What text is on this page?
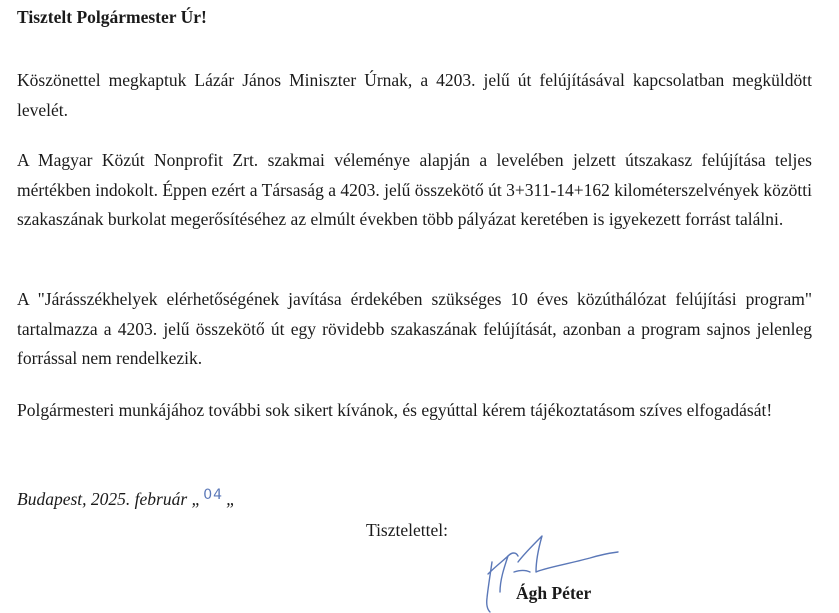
Tisztelt Polgármester Úr!
Köszönettel megkaptuk Lázár János Miniszter Úrnak, a 4203. jelű út felújításával kapcsolatban megküldött levelét.
A Magyar Közút Nonprofit Zrt. szakmai véleménye alapján a levelében jelzett útszakasz felújítása teljes mértékben indokolt. Éppen ezért a Társaság a 4203. jelű összekötő út 3+311-14+162 kilométerszelvények közötti szakaszának burkolat megerősítéséhez az elmúlt években több pályázat keretében is igyekezett forrást találni.
A "Járásszékhelyek elérhetőségének javítása érdekében szükséges 10 éves közúthálózat felújítási program" tartalmazza a 4203. jelű összekötő út egy rövidebb szakaszának felújítását, azonban a program sajnos jelenleg forrással nem rendelkezik.
Polgármesteri munkájához további sok sikert kívánok, és egyúttal kérem tájékoztatásom szíves elfogadását!
Budapest, 2025. február „ 04 „
Tisztelettel:
Ágh Péter
